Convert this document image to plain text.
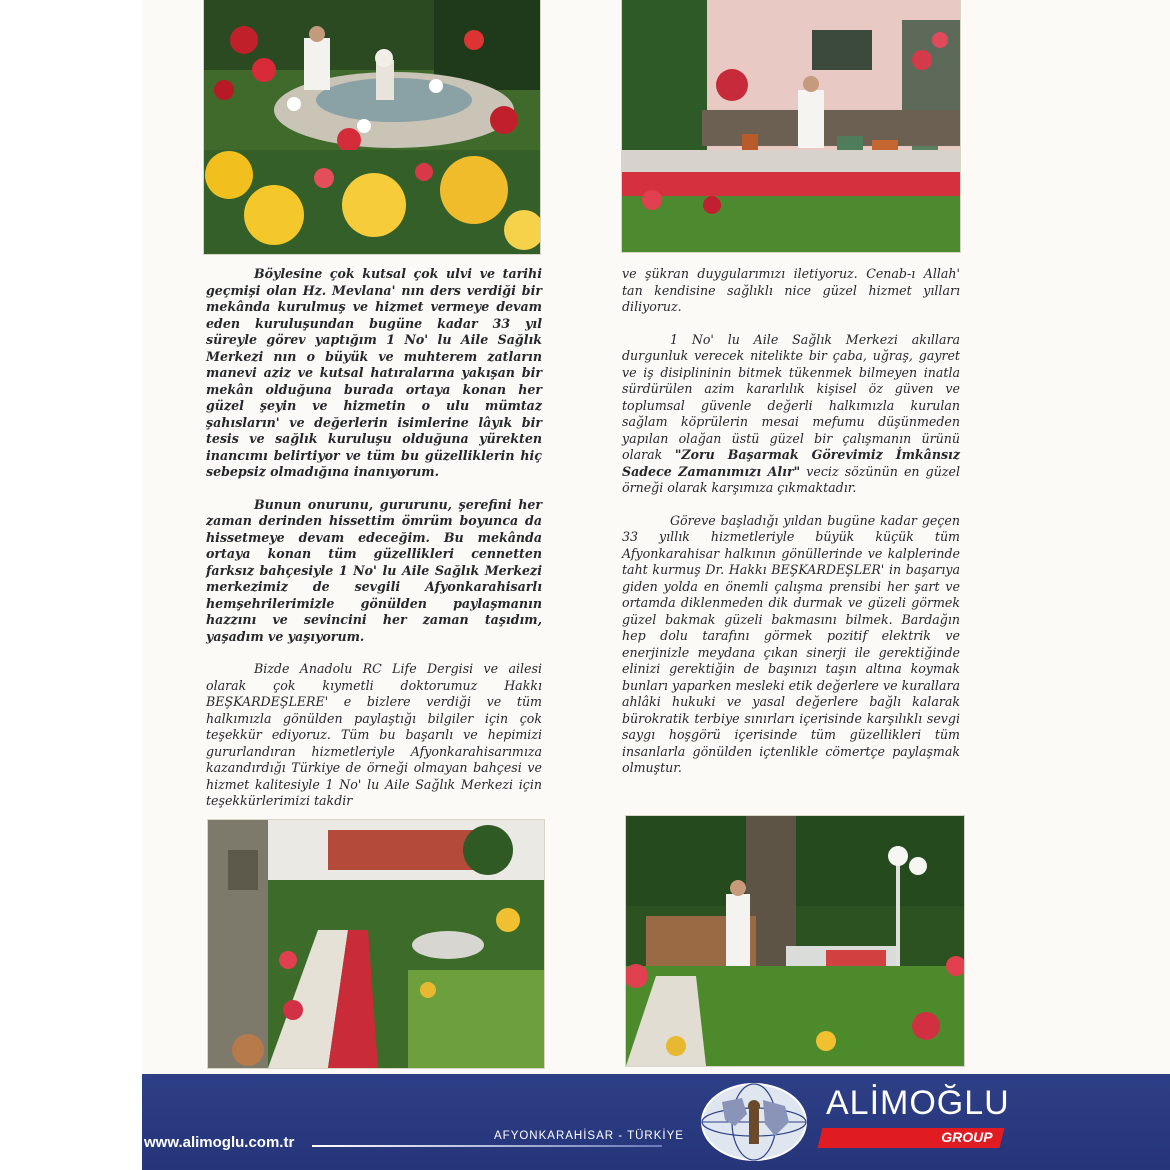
Böylesine çok kutsal çok ulvi ve tarihi geçmişi olan Hz. Mevlana' nın ders verdiği bir mekânda kurulmuş ve hizmet vermeye devam eden kuruluşundan bugüne kadar 33 yıl süreyle görev yaptığım 1 No' lu Aile Sağlık Merkezi nın o büyük ve muhterem zatların manevi aziz ve kutsal hatıralarına yakışan bir mekân olduğuna burada ortaya konan her güzel şeyin ve hizmetin o ulu mümtaz şahısların' ve değerlerin isimlerine lâyık bir tesis ve sağlık kuruluşu olduğuna yürekten inancımı belirtiyor ve tüm bu güzelliklerin hiç sebepsiz olmadığına inanıyorum.

Bunun onurunu, gururunu, şerefini her zaman derinden hissettim ömrüm boyunca da hissetmeye devam edeceğim. Bu mekânda ortaya konan tüm güzellikleri cennetten farksız bahçesiyle 1 No' lu Aile Sağlık Merkezi merkezimiz de sevgili Afyonkarahisarlı hemşehrilerimizle gönülden paylaşmanın hazzını ve sevincini her zaman taşıdım, yaşadım ve yaşıyorum.

Bizde Anadolu RC Life Dergisi ve ailesi olarak çok kıymetli doktorumuz Hakkı BEŞKARDEŞLERE' e bizlere verdiği ve tüm halkımızla gönülden paylaştığı bilgiler için çok teşekkür ediyoruz. Tüm bu başarılı ve hepimizi gururlandıran hizmetleriyle Afyonkarahisarımıza kazandırdığı Türkiye de örneği olmayan bahçesi ve hizmet kalitesiyle 1 No' lu Aile Sağlık Merkezi için teşekkürlerimizi takdir

ve şükran duygularımızı iletiyoruz. Cenab-ı Allah' tan kendisine sağlıklı nice güzel hizmet yılları diliyoruz.

1 No' lu Aile Sağlık Merkezi akıllara durgunluk verecek nitelikte bir çaba, uğraş, gayret ve iş disiplininin bitmek tükenmek bilmeyen inatla sürdürülen azim kararlılık kişisel öz güven ve toplumsal güvenle değerli halkımızla kurulan sağlam köprülerin mesai mefumu düşünmeden yapılan olağan üstü güzel bir çalışmanın ürünü olarak "Zoru Başarmak Görevimiz İmkânsız Sadece Zamanımızı Alır" veciz sözünün en güzel örneği olarak karşımıza çıkmaktadır.

Göreve başladığı yıldan bugüne kadar geçen 33 yıllık hizmetleriyle büyük küçük tüm Afyonkarahisar halkının gönüllerinde ve kalplerinde taht kurmuş Dr. Hakkı BEŞKARDEŞLER' in başarıya giden yolda en önemli çalışma prensibi her şart ve ortamda diklenmeden dik durmak ve güzeli görmek güzel bakmak güzeli bakmasını bilmek. Bardağın hep dolu tarafını görmek pozitif elektrik ve enerjinizle meydana çıkan sinerji ile gerektiğinde elinizi gerektiğin de başınızı taşın altına koymak bunları yaparken mesleki etik değerlere ve kurallara ahlâki hukuki ve yasal değerlere bağlı kalarak bürokratik terbiye sınırları içerisinde karşılıklı sevgi saygı hoşgörü içerisinde tüm güzellikleri tüm insanlarla gönülden içtenlikle cömertçe paylaşmak olmuştur.

www.alimoglu.com.tr	AFYONKARAHİSAR - TÜRKİYE
ALİMOĞLU
GROUP
